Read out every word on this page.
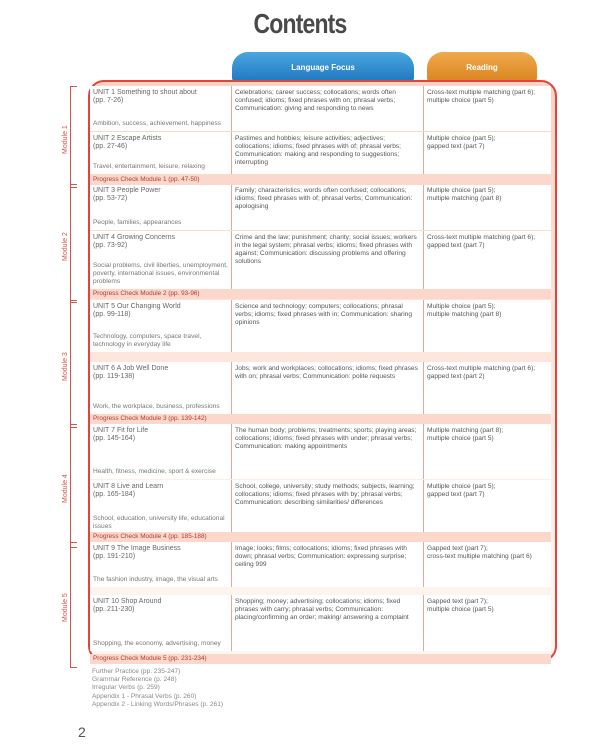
Contents
Language Focus	Reading
UNIT 1 Something to shout about
(pp. 7-26)
Ambition, success, achievement, happiness
Celebrations; career success; collocations; words often confused; idioms; fixed phrases with on; phrasal verbs; Communication: giving and responding to news
Cross-text multiple matching (part 6);
multiple choice (part 5)
UNIT 2 Escape Artists
(pp. 27-46)
Travel, entertainment, leisure, relaxing
Pastimes and hobbies; leisure activities; adjectives; collocations; idioms; fixed phrases with of; phrasal verbs; Communication: making and responding to suggestions; interrupting
Multiple choice (part 5);
gapped text (part 7)
UNIT 3 People Power
(pp. 53-72)
People, families, appearances
Family; characteristics; words often confused; collocations; idioms; fixed phrases with of; phrasal verbs; Communication: apologising
Multiple choice (part 5);
multiple matching (part 8)
UNIT 4 Growing Concerns
(pp. 73-92)
Social problems, civil liberties, unemployment, poverty, international issues, environmental problems
Crime and the law; punishment; charity; social issues; workers in the legal system; phrasal verbs; idioms; fixed phrases with against; Communication: discussing problems and offering solutions
Cross-text multiple matching (part 6);
gapped text (part 7)
UNIT 5 Our Changing World
(pp. 99-118)
Technology, computers, space travel, technology in everyday life
Science and technology; computers; collocations; phrasal verbs; idioms; fixed phrases with in; Communication: sharing opinions
Multiple choice (part 5);
multiple matching (part 8)
UNIT 6 A Job Well Done
(pp. 119-138)
Work, the workplace, business, professions
Jobs; work and workplaces; collocations; idioms; fixed phrases with on; phrasal verbs; Communication: polite requests
Cross-text multiple matching (part 6);
gapped text (part 2)
UNIT 7 Fit for Life
(pp. 145-164)
Health, fitness, medicine, sport & exercise
The human body; problems; treatments; sports; playing areas; collocations; idioms; fixed phrases with under; phrasal verbs; Communication: making appointments
Multiple matching (part 8);
multiple choice (part 5)
UNIT 8 Live and Learn
(pp. 165-184)
School, education, university life, educational issues
School, college, university; study methods; subjects, learning; collocations; idioms; fixed phrases with by; phrasal verbs; Communication: describing similarities/ differences
Multiple choice (part 5);
gapped text (part 7)
UNIT 9 The Image Business
(pp. 191-210)
The fashion industry, image, the visual arts
Image; looks; films; collocations; idioms; fixed phrases with down; phrasal verbs; Communication: expressing surprise; ceiling 999
Gapped text (part 7);
cross-text multiple matching (part 6)
UNIT 10 Shop Around
(pp. 211-230)
Shopping, the economy, advertising, money
Shopping; money; advertising; collocations; idioms; fixed phrases with carry; phrasal verbs; Communication: placing/confirming an order; making/ answering a complaint
Gapped text (part 7);
multiple choice (part 5)
Progress Check Module 1 (pp. 47-50)
Progress Check Module 2 (pp. 93-96)
Progress Check Module 3 (pp. 139-142)
Progress Check Module 4 (pp. 185-188)
Progress Check Module 5 (pp. 231-234)
Module 1
Module 2
Module 3
Module 4
Module 5
Further Practice (pp. 235-247)
Grammar Reference (p. 248)
Irregular Verbs (p. 259)
Appendix 1 - Phrasal Verbs (p. 260)
Appendix 2 - Linking Words/Phrases (p. 261)
2
